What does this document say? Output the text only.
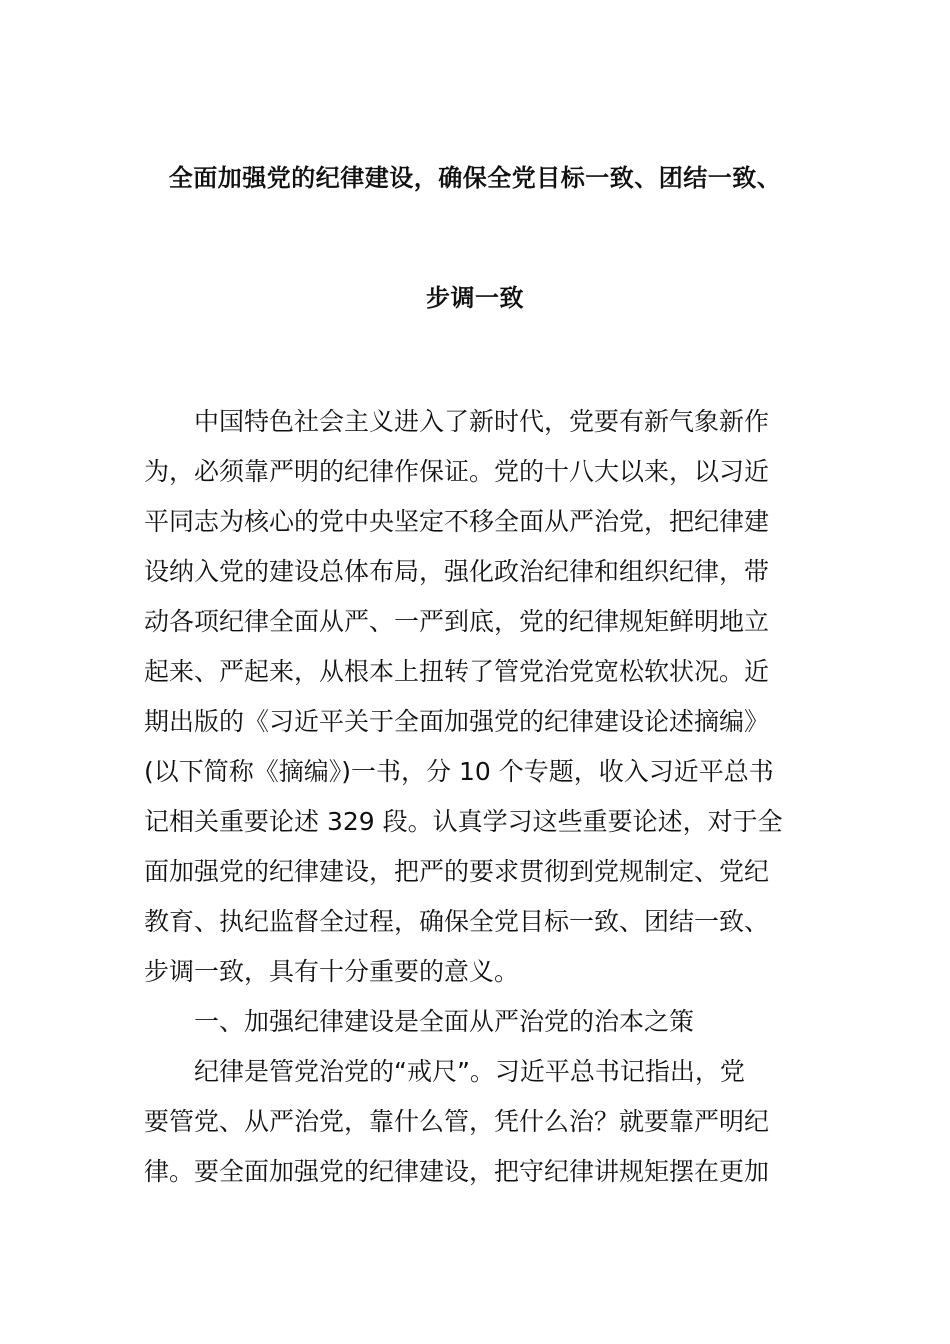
全面加强党的纪律建设，确保全党目标一致、团结一致、
步调一致
中国特色社会主义进入了新时代，党要有新气象新作
为，必须靠严明的纪律作保证。党的十八大以来，以习近
平同志为核心的党中央坚定不移全面从严治党，把纪律建
设纳入党的建设总体布局，强化政治纪律和组织纪律，带
动各项纪律全面从严、一严到底，党的纪律规矩鲜明地立
起来、严起来，从根本上扭转了管党治党宽松软状况。近
期出版的《习近平关于全面加强党的纪律建设论述摘编》
(以下简称《摘编》)一书，分 10 个专题，收入习近平总书
记相关重要论述 329 段。认真学习这些重要论述，对于全
面加强党的纪律建设，把严的要求贯彻到党规制定、党纪
教育、执纪监督全过程，确保全党目标一致、团结一致、
步调一致，具有十分重要的意义。
一、加强纪律建设是全面从严治党的治本之策
纪律是管党治党的“戒尺”。习近平总书记指出，党
要管党、从严治党，靠什么管，凭什么治？就要靠严明纪
律。要全面加强党的纪律建设，把守纪律讲规矩摆在更加
